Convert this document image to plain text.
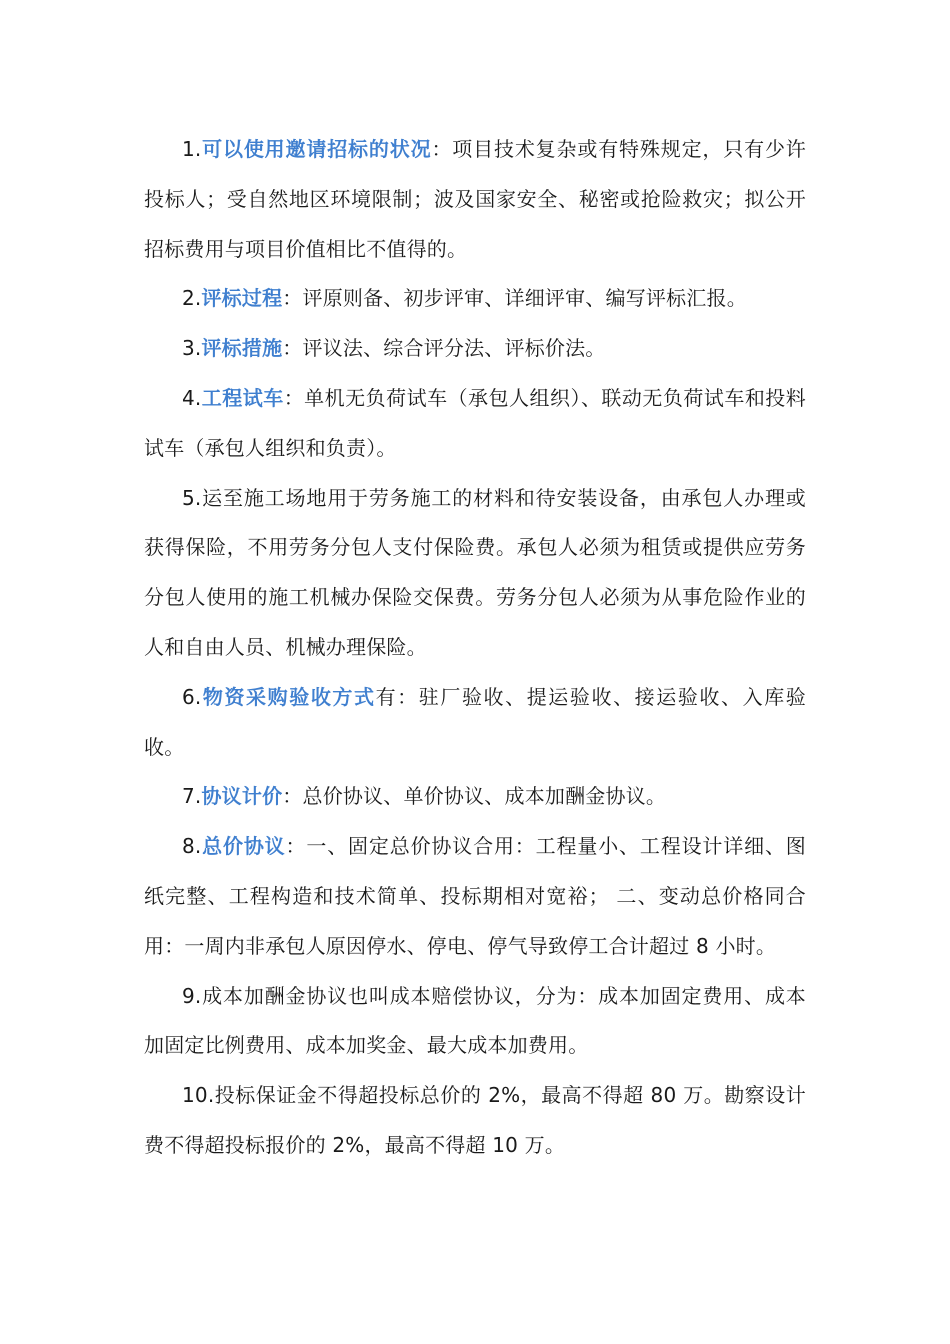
1.可以使用邀请招标的状况：项目技术复杂或有特殊规定，只有少许投标人；受自然地区环境限制；波及国家安全、秘密或抢险救灾；拟公开招标费用与项目价值相比不值得的。

2.评标过程：评原则备、初步评审、详细评审、编写评标汇报。

3.评标措施：评议法、综合评分法、评标价法。

4.工程试车：单机无负荷试车（承包人组织）、联动无负荷试车和投料试车（承包人组织和负责）。

5.运至施工场地用于劳务施工的材料和待安装设备，由承包人办理或获得保险，不用劳务分包人支付保险费。承包人必须为租赁或提供应劳务分包人使用的施工机械办保险交保费。劳务分包人必须为从事危险作业的人和自由人员、机械办理保险。

6.物资采购验收方式有：驻厂验收、提运验收、接运验收、入库验收。

7.协议计价：总价协议、单价协议、成本加酬金协议。

8.总价协议：一、固定总价协议合用：工程量小、工程设计详细、图纸完整、工程构造和技术简单、投标期相对宽裕； 二、变动总价格同合用：一周内非承包人原因停水、停电、停气导致停工合计超过 8 小时。

9.成本加酬金协议也叫成本赔偿协议，分为：成本加固定费用、成本加固定比例费用、成本加奖金、最大成本加费用。

10.投标保证金不得超投标总价的 2%，最高不得超 80 万。勘察设计费不得超投标报价的 2%，最高不得超 10 万。
